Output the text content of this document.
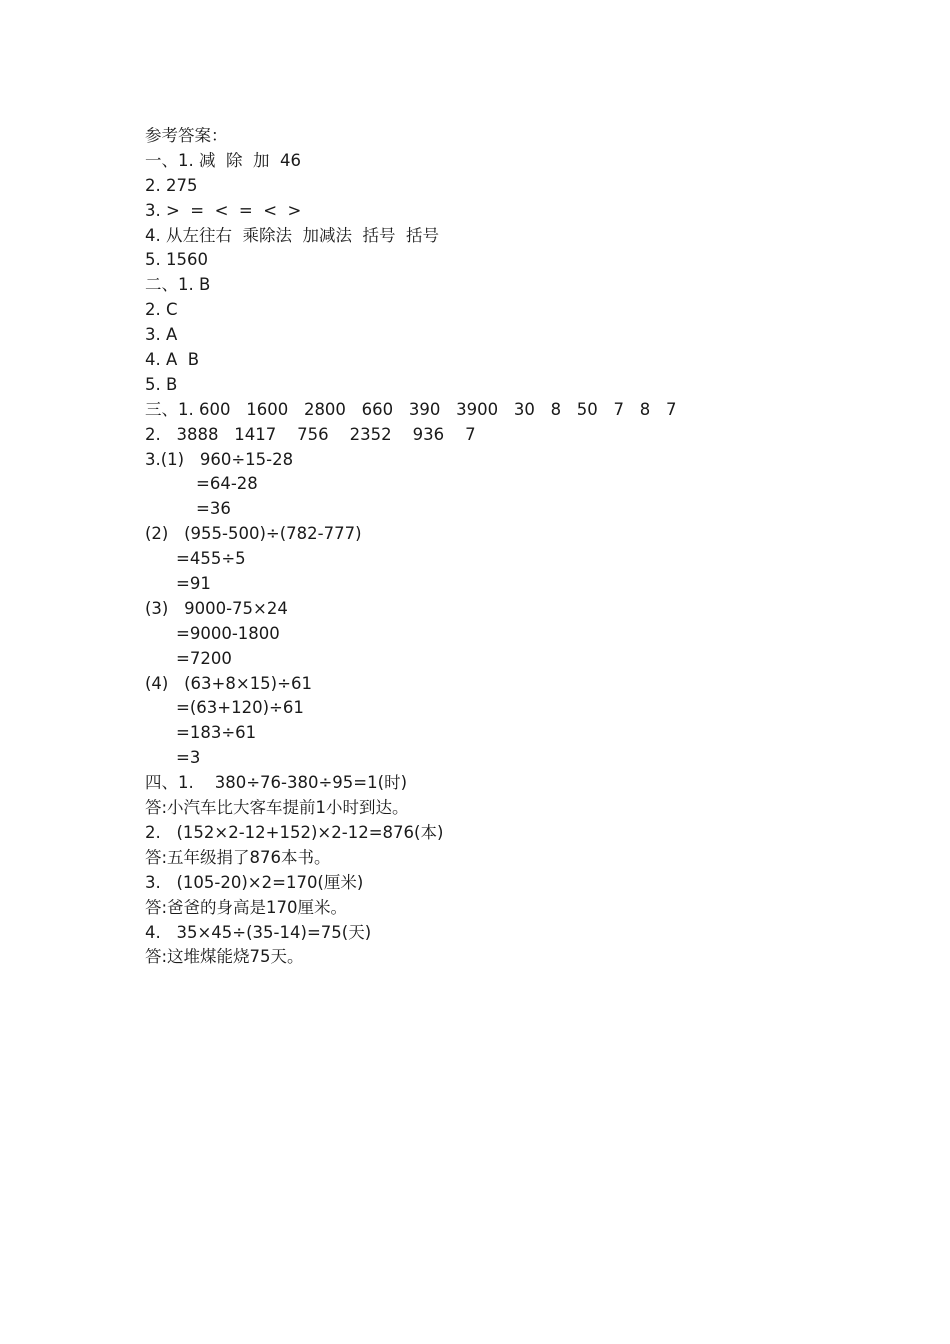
参考答案：
一、1. 减  除  加  46
2. 275
3. >  =  <  =  <  >
4. 从左往右  乘除法  加减法  括号  括号
5. 1560
二、1. B
2. C
3. A
4. A  B
5. B
三、1. 600   1600   2800   660   390   3900   30   8   50   7   8   7
2.   3888   1417    756    2352    936    7
3.(1)   960÷15-28
=64-28
=36
(2)   (955-500)÷(782-777)
=455÷5
=91
(3)   9000-75×24
=9000-1800
=7200
(4)   (63+8×15)÷61
=(63+120)÷61
=183÷61
=3
四、1.    380÷76-380÷95=1(时)
答:小汽车比大客车提前1小时到达。
2.   (152×2-12+152)×2-12=876(本)
答:五年级捐了876本书。
3.   (105-20)×2=170(厘米)
答:爸爸的身高是170厘米。
4.   35×45÷(35-14)=75(天)
答:这堆煤能烧75天。
